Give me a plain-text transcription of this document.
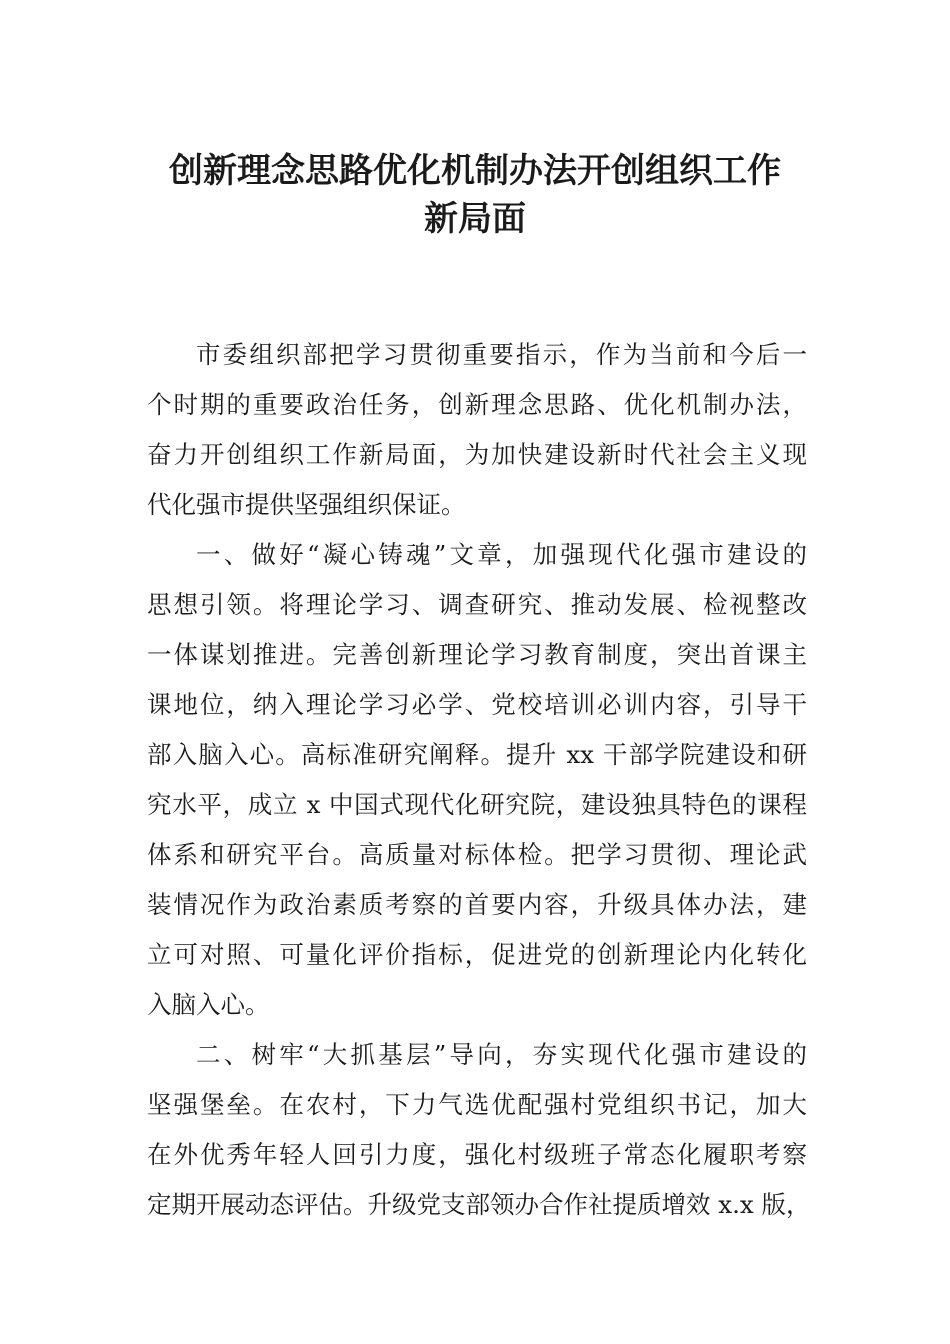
创新理念思路优化机制办法开创组织工作
新局面
市委组织部把学习贯彻重要指示，作为当前和今后一
个时期的重要政治任务，创新理念思路、优化机制办法，
奋力开创组织工作新局面，为加快建设新时代社会主义现
代化强市提供坚强组织保证。
一、做好“凝心铸魂”文章，加强现代化强市建设的
思想引领。将理论学习、调查研究、推动发展、检视整改
一体谋划推进。完善创新理论学习教育制度，突出首课主
课地位，纳入理论学习必学、党校培训必训内容，引导干
部入脑入心。高标准研究阐释。提升 xx 干部学院建设和研
究水平，成立 x 中国式现代化研究院，建设独具特色的课程
体系和研究平台。高质量对标体检。把学习贯彻、理论武
装情况作为政治素质考察的首要内容，升级具体办法，建
立可对照、可量化评价指标，促进党的创新理论内化转化
入脑入心。
二、树牢“大抓基层”导向，夯实现代化强市建设的
坚强堡垒。在农村，下力气选优配强村党组织书记，加大
在外优秀年轻人回引力度，强化村级班子常态化履职考察
定期开展动态评估。升级党支部领办合作社提质增效 x.x 版，
